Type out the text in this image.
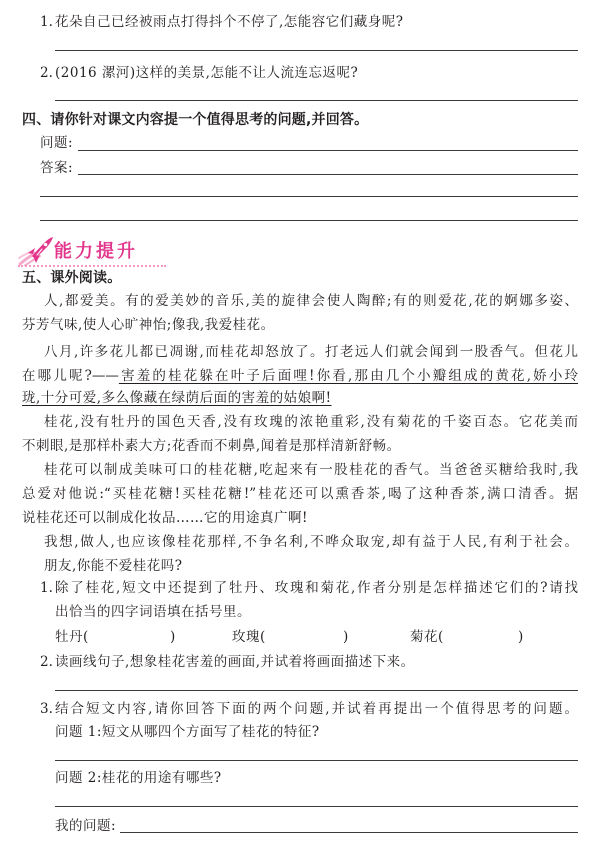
1. 花朵自己已经被雨点打得抖个不停了,怎能容它们藏身呢?
2. (2016 漯河)这样的美景,怎能不让人流连忘返呢?
四、请你针对课文内容提一个值得思考的问题,并回答。
问题:
答案:
能力提升
五、课外阅读。
人,都爱美。有的爱美妙的音乐,美的旋律会使人陶醉;有的则爱花,花的婀娜多姿、
芬芳气味,使人心旷神怡;像我,我爱桂花。
八月,许多花儿都已凋谢,而桂花却怒放了。打老远人们就会闻到一股香气。但花儿
在哪儿呢?——害羞的桂花躲在叶子后面哩!你看,那由几个小瓣组成的黄花,娇小玲
珑,十分可爱,多么像藏在绿荫后面的害羞的姑娘啊!
桂花,没有牡丹的国色天香,没有玫瑰的浓艳重彩,没有菊花的千姿百态。它花美而
不刺眼,是那样朴素大方;花香而不刺鼻,闻着是那样清新舒畅。
桂花可以制成美味可口的桂花糖,吃起来有一股桂花的香气。当爸爸买糖给我时,我
总爱对他说:“买桂花糖!买桂花糖!”桂花还可以熏香茶,喝了这种香茶,满口清香。据
说桂花还可以制成化妆品……它的用途真广啊!
我想,做人,也应该像桂花那样,不争名利,不哗众取宠,却有益于人民,有利于社会。
朋友,你能不爱桂花吗?
1. 除了桂花,短文中还提到了牡丹、玫瑰和菊花,作者分别是怎样描述它们的?请找
出恰当的四字词语填在括号里。
牡丹(	)	玫瑰(	)	菊花(	)
2. 读画线句子,想象桂花害羞的画面,并试着将画面描述下来。
3. 结合短文内容,请你回答下面的两个问题,并试着再提出一个值得思考的问题。
问题 1:短文从哪四个方面写了桂花的特征?
问题 2:桂花的用途有哪些?
我的问题:
